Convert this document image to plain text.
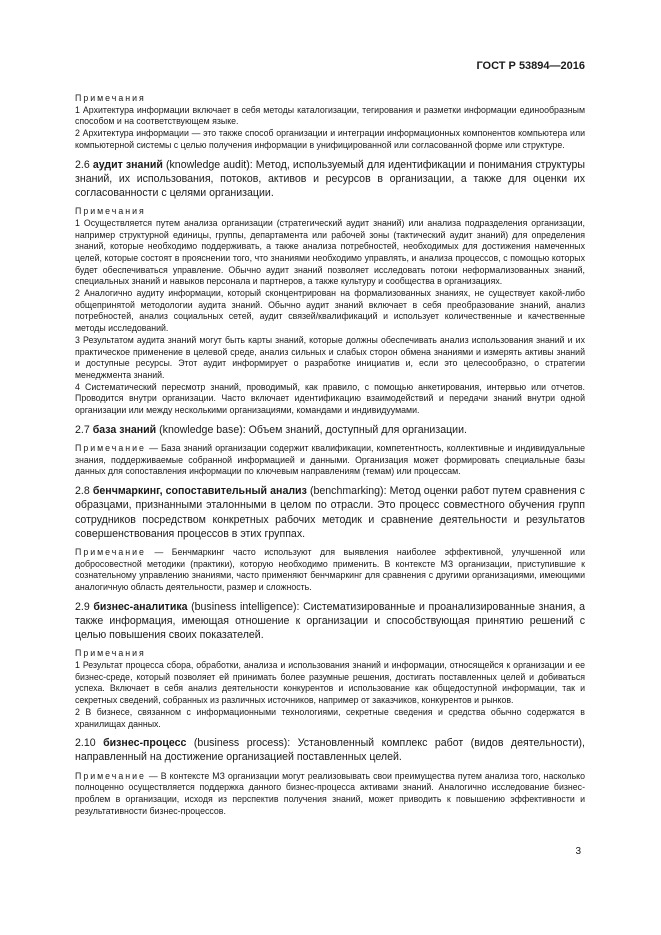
ГОСТ Р 53894—2016

Примечания

1 Архитектура информации включает в себя методы каталогизации, тегирования и разметки информации единообразным способом и на соответствующем языке.

2 Архитектура информации — это также способ организации и интеграции информационных компонентов компьютера или компьютерной системы с целью получения информации в унифицированной или согласованной форме или структуре.

2.6 аудит знаний (knowledge audit): Метод, используемый для идентификации и понимания структуры знаний, их использования, потоков, активов и ресурсов в организации, а также для оценки их согласованности с целями организации.

Примечания

1 Осуществляется путем анализа организации (стратегический аудит знаний) или анализа подразделения организации, например структурной единицы, группы, департамента или рабочей зоны (тактический аудит знаний) для определения знаний, которые необходимо поддерживать, а также анализа потребностей, необходимых для достижения намеченных целей, которые состоят в прояснении того, что знаниями необходимо управлять, и анализа процессов, с помощью которых будет обеспечиваться управление. Обычно аудит знаний позволяет исследовать потоки неформализованных знаний, специальных знаний и навыков персонала и партнеров, а также культуру и сообщества в организациях.

2 Аналогично аудиту информации, который сконцентрирован на формализованных знаниях, не существует какой-либо общепринятой методологии аудита знаний. Обычно аудит знаний включает в себя преобразование знаний, анализ потребностей, анализ социальных сетей, аудит связей/квалификаций и использует количественные и качественные методы исследований.

3 Результатом аудита знаний могут быть карты знаний, которые должны обеспечивать анализ использования знаний и их практическое применение в целевой среде, анализ сильных и слабых сторон обмена знаниями и измерять активы знаний и доступные ресурсы. Этот аудит информирует о разработке инициатив и, если это целесообразно, о стратегии менеджмента знаний.

4 Систематический пересмотр знаний, проводимый, как правило, с помощью анкетирования, интервью или отчетов. Проводится внутри организации. Часто включает идентификацию взаимодействий и передачи знаний внутри одной организации или между несколькими организациями, командами и индивидуумами.

2.7 база знаний (knowledge base): Объем знаний, доступный для организации.

Примечание — База знаний организации содержит квалификации, компетентность, коллективные и индивидуальные знания, поддерживаемые собранной информацией и данными. Организация может формировать специальные базы данных для сопоставления информации по ключевым направлениям (темам) или процессам.

2.8 бенчмаркинг, сопоставительный анализ (benchmarking): Метод оценки работ путем сравнения с образцами, признанными эталонными в целом по отрасли. Это процесс совместного обучения групп сотрудников посредством конкретных рабочих методик и сравнение деятельности и результатов совершенствования процессов в этих группах.

Примечание — Бенчмаркинг часто используют для выявления наиболее эффективной, улучшенной или добросовестной методики (практики), которую необходимо применить. В контексте МЗ организации, приступившие к сознательному управлению знаниями, часто применяют бенчмаркинг для сравнения с другими организациями, имеющими аналогичную область деятельности, размер и сложность.

2.9 бизнес-аналитика (business intelligence): Систематизированные и проанализированные знания, а также информация, имеющая отношение к организации и способствующая принятию решений с целью повышения своих показателей.

Примечания

1 Результат процесса сбора, обработки, анализа и использования знаний и информации, относящейся к организации и ее бизнес-среде, который позволяет ей принимать более разумные решения, достигать поставленных целей и добиваться успеха. Включает в себя анализ деятельности конкурентов и использование как общедоступной информации, так и секретных сведений, собранных из различных источников, например от заказчиков, конкурентов и рынков.

2 В бизнесе, связанном с информационными технологиями, секретные сведения и средства обычно содержатся в хранилищах данных.

2.10 бизнес-процесс (business process): Установленный комплекс работ (видов деятельности), направленный на достижение организацией поставленных целей.

Примечание — В контексте МЗ организации могут реализовывать свои преимущества путем анализа того, насколько полноценно осуществляется поддержка данного бизнес-процесса активами знаний. Аналогично исследование бизнес-проблем в организации, исходя из перспектив получения знаний, может приводить к повышению эффективности и результативности бизнес-процессов.

3
